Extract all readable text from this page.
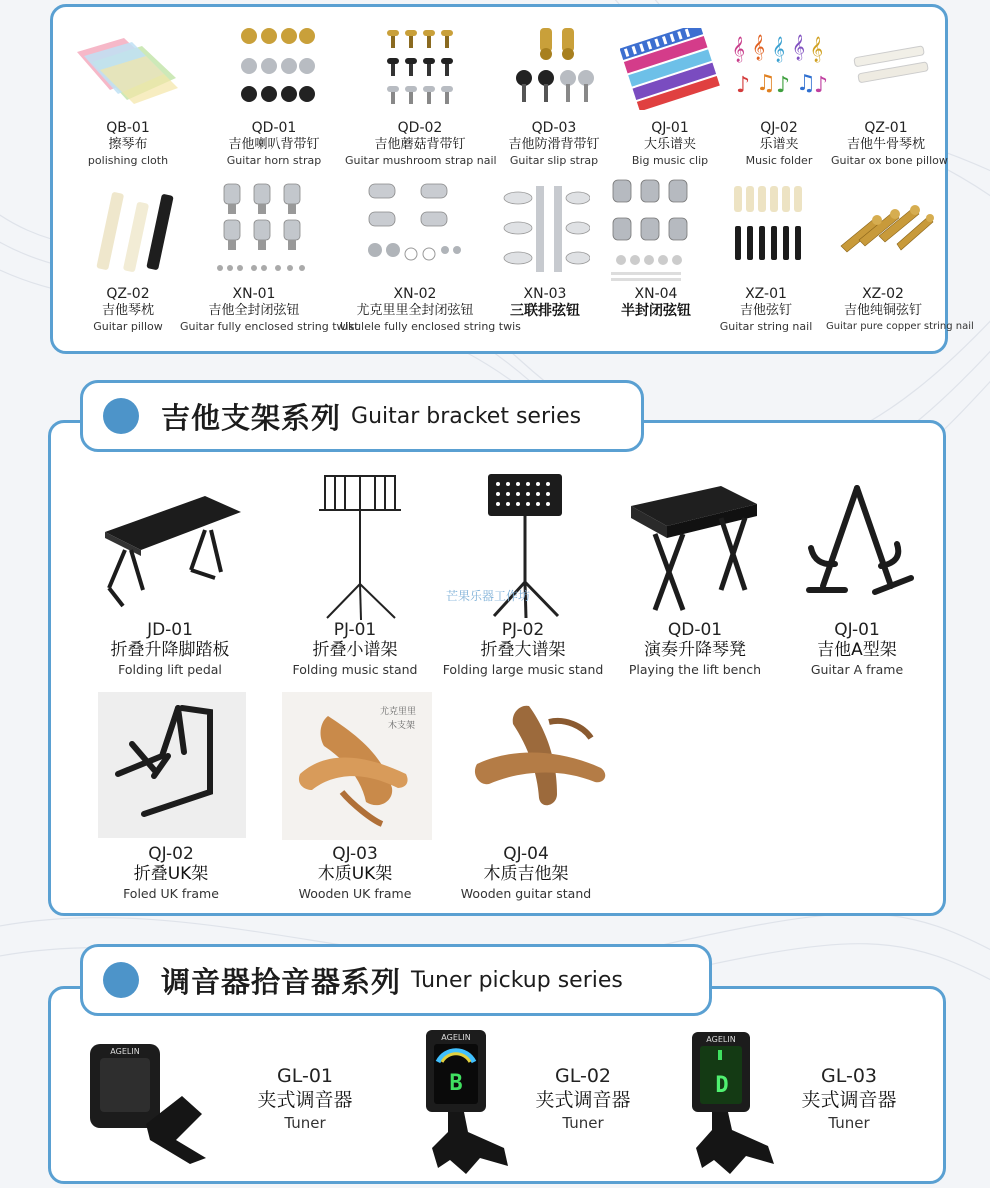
𝄞 𝄞 𝄞 𝄞 𝄞
♪ ♫ ♪ ♫
♪
QB-01
擦琴布
polishing cloth
QD-01
吉他喇叭背带钉
Guitar horn strap
QD-02
吉他蘑菇背带钉
Guitar mushroom strap nail
QD-03
吉他防滑背带钉
Guitar slip strap
QJ-01
大乐谱夹
Big music clip
QJ-02
乐谱夹
Music folder
QZ-01
吉他牛骨琴枕
Guitar ox bone pillow
QZ-02
吉他琴枕
Guitar pillow
XN-01
吉他全封闭弦钮
Guitar fully enclosed string twist
XN-02
尤克里里全封闭弦钮
Ukulele fully enclosed string twis
XN-03
三联排弦钮
XN-04
半封闭弦钮
XZ-01
吉他弦钉
Guitar string nail
XZ-02
吉他纯铜弦钉
Guitar pure copper string nail
吉他支架系列 Guitar bracket series
芒果乐器工作坊
JD-01
折叠升降脚踏板
Folding lift pedal
PJ-01
折叠小谱架
Folding music stand
PJ-02
折叠大谱架
Folding large music stand
QD-01
演奏升降琴凳
Playing the lift bench
QJ-01
吉他A型架
Guitar A frame
尤克里里
木支架
QJ-02
折叠UK架
Foled UK frame
QJ-03
木质UK架
Wooden UK frame
QJ-04
木质吉他架
Wooden guitar stand
调音器拾音器系列 Tuner pickup series
AGELIN
GL-01
夹式调音器
Tuner
AGELIN
B	GL-02
夹式调音器
Tuner
AGELIN
D	GL-03
夹式调音器
Tuner
